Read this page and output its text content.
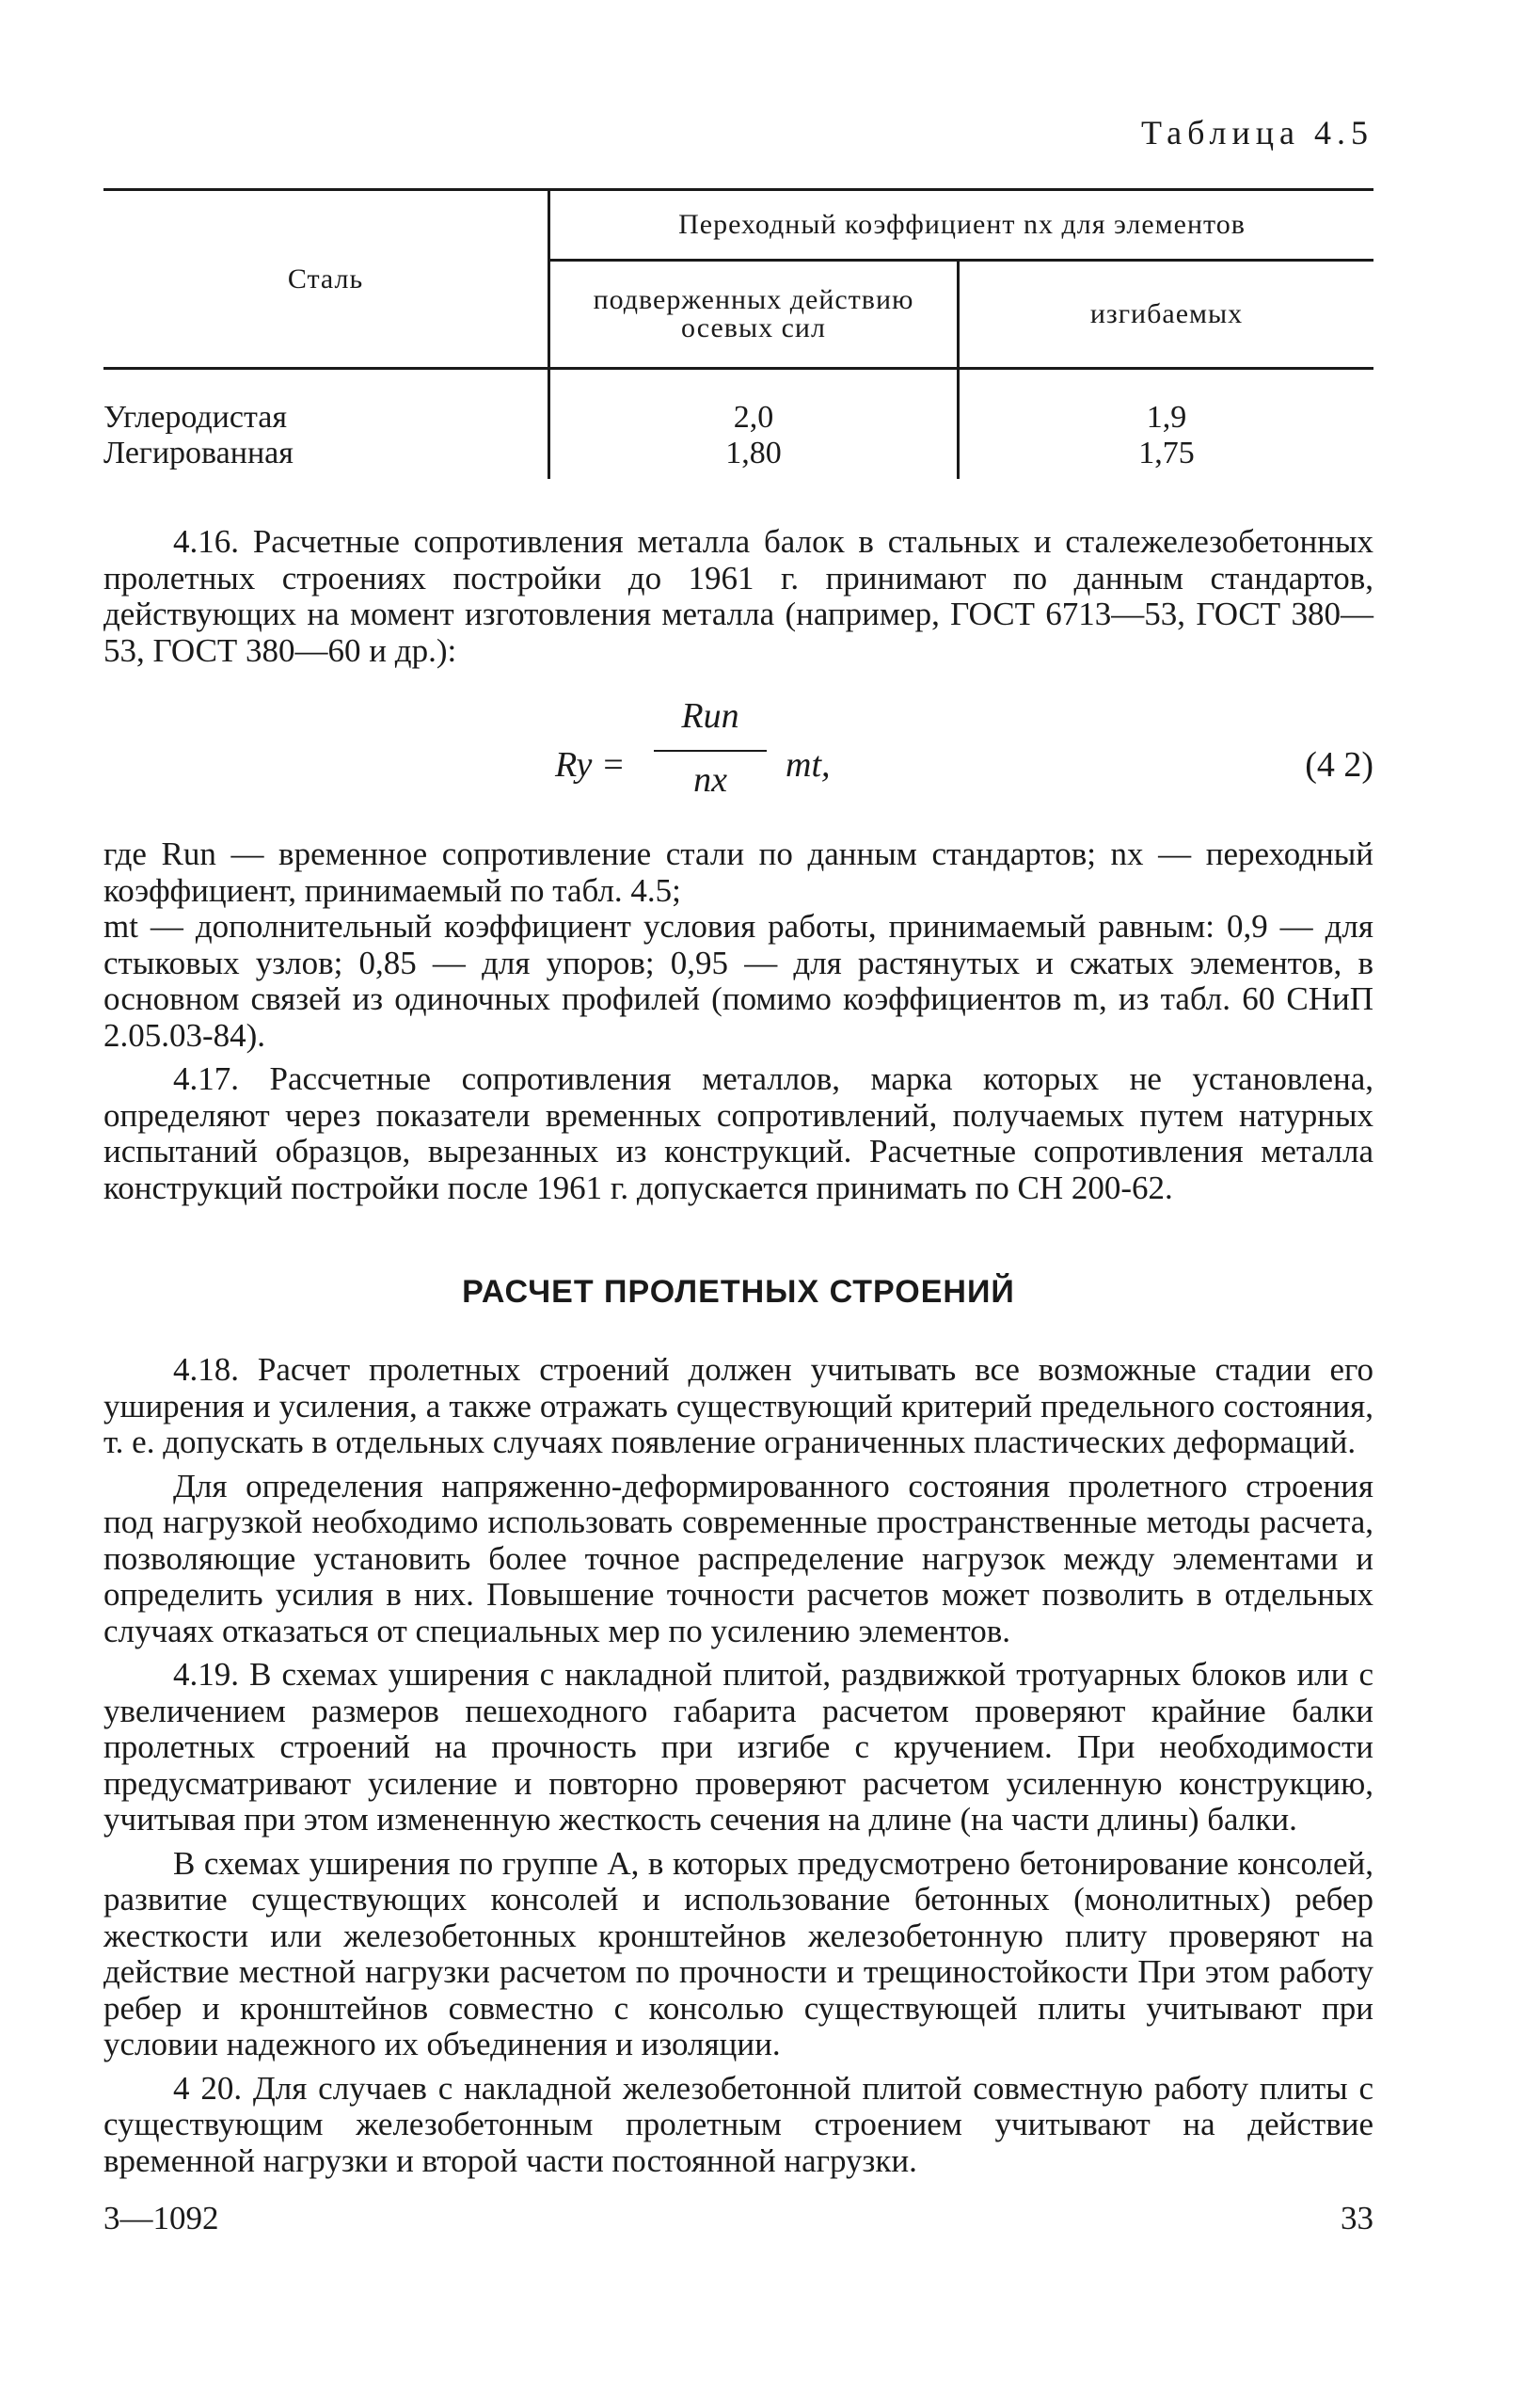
Таблица 4.5
Сталь	Переходный коэффициент nx для элементов	
	подверженных действию осевых сил	изгибаемых
Углеродистая	2,0	1,9
Легированная	1,80	1,75

4.16. Расчетные сопротивления металла балок в стальных и сталежелезобетонных пролетных строениях постройки до 1961 г. принимают по данным стандартов, действующих на момент изготовления металла (например, ГОСТ 6713—53, ГОСТ 380—53, ГОСТ 380—60 и др.):

Ry =
Run
nx	mt,	(4 2)

где Run — временное сопротивление стали по данным стандартов; nx — переходный коэффициент, принимаемый по табл. 4.5;

mt — дополнительный коэффициент условия работы, принимаемый равным: 0,9 — для стыковых узлов; 0,85 — для упоров; 0,95 — для растянутых и сжатых элементов, в основном связей из одиночных профилей (помимо коэффициентов m, из табл. 60 СНиП 2.05.03-84).

4.17. Рассчетные сопротивления металлов, марка которых не установлена, определяют через показатели временных сопротивлений, получаемых путем натурных испытаний образцов, вырезанных из конструкций. Расчетные сопротивления металла конструкций постройки после 1961 г. допускается принимать по СН 200-62.

РАСЧЕТ ПРОЛЕТНЫХ СТРОЕНИЙ

4.18. Расчет пролетных строений должен учитывать все возможные стадии его уширения и усиления, а также отражать существующий критерий предельного состояния, т. е. допускать в отдельных случаях появление ограниченных пластических деформаций.

Для определения напряженно-деформированного состояния пролетного строения под нагрузкой необходимо использовать современные пространственные методы расчета, позволяющие установить более точное распределение нагрузок между элементами и определить усилия в них. Повышение точности расчетов может позволить в отдельных случаях отказаться от специальных мер по усилению элементов.

4.19. В схемах уширения с накладной плитой, раздвижкой тротуарных блоков или с увеличением размеров пешеходного габарита расчетом проверяют крайние балки пролетных строений на прочность при изгибе с кручением. При необходимости предусматривают усиление и повторно проверяют расчетом усиленную конструкцию, учитывая при этом измененную жесткость сечения на длине (на части длины) балки.

В схемах уширения по группе А, в которых предусмотрено бетонирование консолей, развитие существующих консолей и использование бетонных (монолитных) ребер жесткости или железобетонных кронштейнов железобетонную плиту проверяют на действие местной нагрузки расчетом по прочности и трещиностойкости При этом работу ребер и кронштейнов совместно с консолью существующей плиты учитывают при условии надежного их объединения и изоляции.

4 20. Для случаев с накладной железобетонной плитой совместную работу плиты с существующим железобетонным пролетным строением учитывают на действие временной нагрузки и второй части постоянной нагрузки.

3—1092	33
